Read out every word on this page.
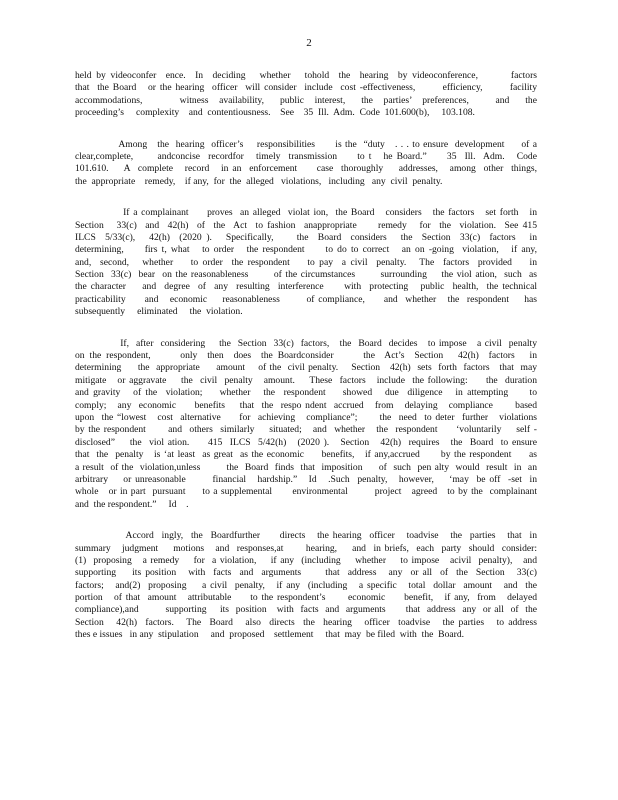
2
held by videoconfer  ence.  In  deciding   whether   tohold  the  hearing  by videoconference,       factors
that  the Board   or the hearing  officer  will consider  include  cost -effectiveness,       efficiency,       facility
accommodations,       witness  availability,   public  interest,   the  parties’  preferences,     and   the
proceeding’s     complexity    and  contentiousness.    See    35  Ill.  Adm.  Code  101.600(b),     103.108.
Among   the  hearing  officer’s    responsibilities      is the  “duty   . . . to ensure  development     of a
clear,complete,      andconcise  recordfor   timely  transmission     to t   he Board.”     35  Ill.  Adm.   Code
101.610.    A  complete   record   in an  enforcement     case  thoroughly    addresses,   among  other  things,
the  appropriate    remedy,    if any,  for  the  alleged   violations,   including   any  civil  penalty.
If a complainant     proves  an alleged  violat ion,  the Board   considers   the factors   set forth   in
Section   33(c)  and  42(h)  of  the  Act  to fashion  anappropriate     remedy   for  the  violation.  See 415
ILCS  5/33(c),   42(h)  (2020 ).   Specifically,     the  Board  considers   the  Section  33(c)  factors   in
determining,     firs t, what   to order   the respondent     to do to correct   an on -going  violation,   if any,
and,  second,   whether    to order  the respondent    to pay  a civil  penalty.   The  factors  provided    in
Section  33(c)  bear  on the reasonableness       of the circumstances       surrounding    the viol ation,  such  as
the character    and  degree  of  any  resulting  interference     with  protecting   public  health,  the technical
practicability     and   economic    reasonableness       of compliance,     and  whether   the  respondent    has
subsequently     eliminated     the  violation.
If,  after  considering    the  Section  33(c)  factors,   the  Board  decides   to impose   a civil  penalty
on the respondent,      only  then  does  the Boardconsider      the  Act’s  Section   42(h)  factors   in
determining     the  appropriate     amount    of the  civil penalty.    Section   42(h)  sets  forth  factors   that  may
mitigate   or aggravate    the  civil  penalty   amount.    These  factors   include  the following:     the  duration
and gravity   of the  violation;    whether   the  respondent    showed   due  diligence   in attempting     to
comply;   any  economic     benefits    that  the  respo ndent  accrued   from   delaying   compliance      based
upon  the “lowest   cost  alternative     for  achieving   compliance”;      the  need  to deter  further   violations
by the respondent      and  others  similarly    situated;   and  whether   the  respondent     ‘voluntarily    self -
disclosed”    the  viol ation.     415  ILCS  5/42(h)   (2020 ).   Section   42(h)  requires   the  Board  to ensure
that  the  penalty   is ‘at least  as great  as the economic     benefits,   if any,accrued      by the respondent     as
a result  of the  violation,unless        the  Board  finds  that  imposition     of  such  pen alty  would  result  in  an
arbitrary    or unreasonable       financial   hardship.”   Id   .Such  penalty,   however,    ‘may  be off  -set  in
whole   or in part  pursuant     to a supplemental      environmental        project   agreed   to by the  complainant
and  the respondent.”     Id    .
Accord  ingly,  the  Boardfurther     directs   the hearing  officer   toadvise   the  parties   that  in
summary   judgment    motions   and  responses,at      hearing,    and  in briefs,  each  party  should  consider:
(1)  proposing   a remedy    for  a violation,    if any  (including    whether    to impose   acivil  penalty),   and
supporting    its position   with  facts  and  arguments      that  address   any  or all  of  the  Section   33(c)
factors;   and(2)  proposing    a civil  penalty,   if any  (including   a specific   total  dollar  amount   and  the
portion   of that  amount   attributable     to the respondent’s      economic     benefit,   if any,  from   delayed
compliance),and        supporting    its  position   with  facts  and  arguments      that  address  any  or all  of  the
Section   42(h)  factors.   The  Board   also  directs  the  hearing   officer  toadvise   the parties   to address
thes e issues   in any  stipulation     and  proposed    settlement     that  may  be filed  with  the  Board.
